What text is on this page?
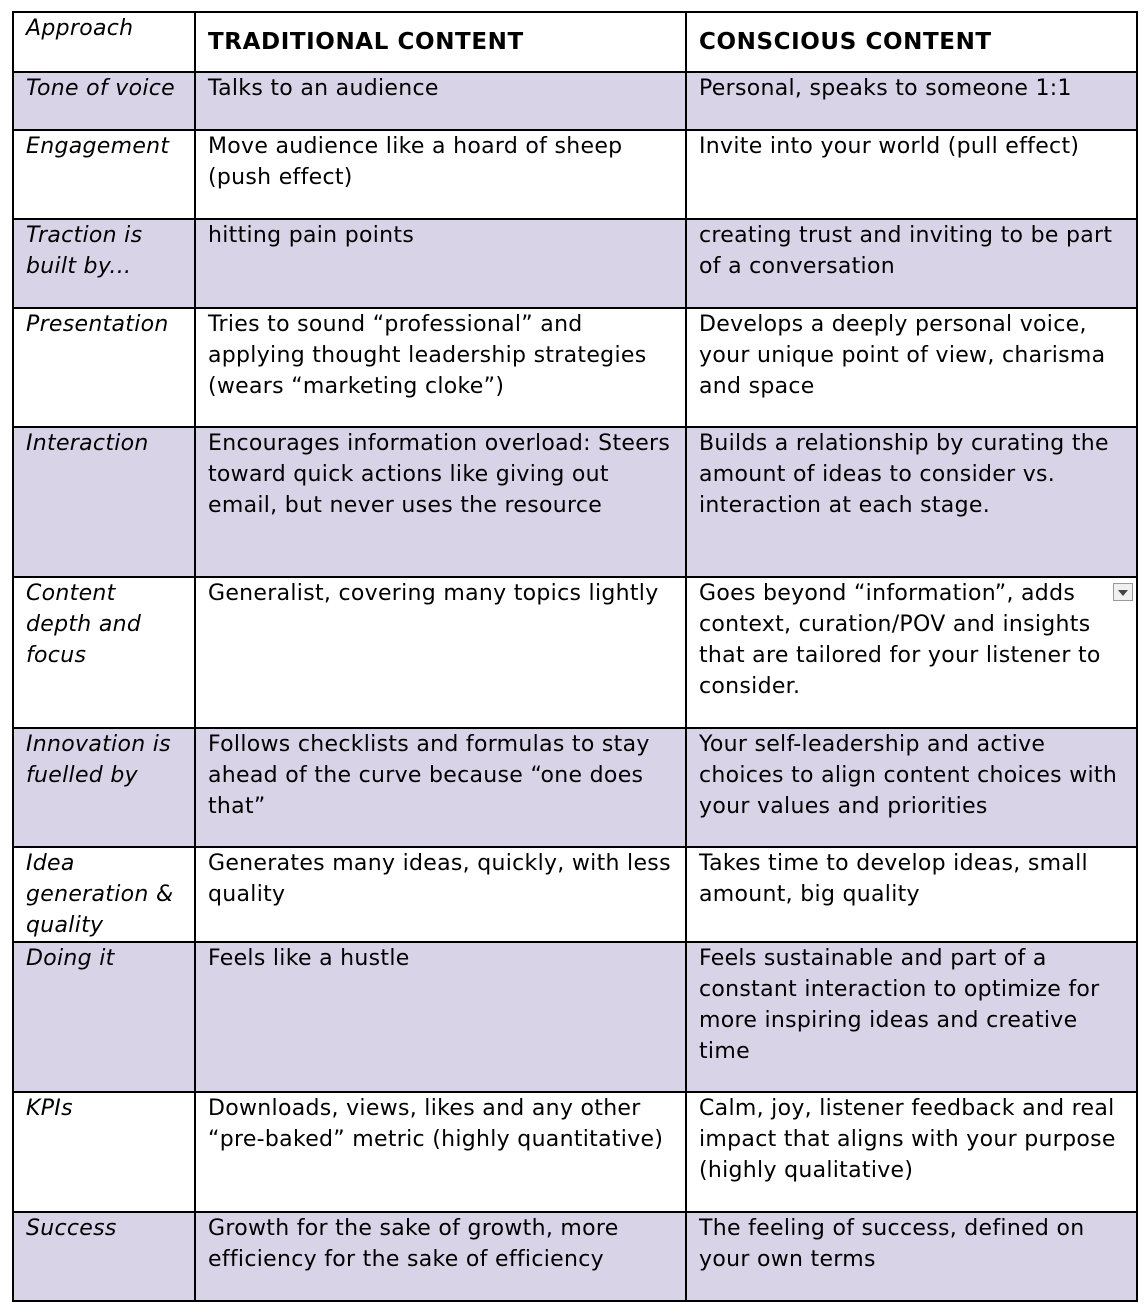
Approach	TRADITIONAL CONTENT	CONSCIOUS CONTENT
Tone of voice	Talks to an audience	Personal, speaks to someone 1:1
Engagement	Move audience like a hoard of sheep (push effect)	Invite into your world (pull effect)
Traction is built by...	hitting pain points	creating trust and inviting to be part of a conversation
Presentation	Tries to sound “professional” and applying thought leadership strategies (wears “marketing cloke”)	Develops a deeply personal voice, your unique point of view, charisma and space
Interaction	Encourages information overload: Steers toward quick actions like giving out email, but never uses the resource	Builds a relationship by curating the amount of ideas to consider vs. interaction at each stage.
Content depth and focus	Generalist, covering many topics lightly	Goes beyond “information”, adds context, curation/POV and insights that are tailored for your listener to consider.

Innovation is fuelled by	Follows checklists and formulas to stay ahead of the curve because “one does that”	Your self-leadership and active choices to align content choices with your values and priorities
Idea generation & quality	Generates many ideas, quickly, with less quality	Takes time to develop ideas, small amount, big quality
Doing it	Feels like a hustle	Feels sustainable and part of a constant interaction to optimize for more inspiring ideas and creative time
KPIs	Downloads, views, likes and any other “pre-baked” metric (highly quantitative)	Calm, joy, listener feedback and real impact that aligns with your purpose (highly qualitative)
Success	Growth for the sake of growth, more efficiency for the sake of efficiency	The feeling of success, defined on your own terms
